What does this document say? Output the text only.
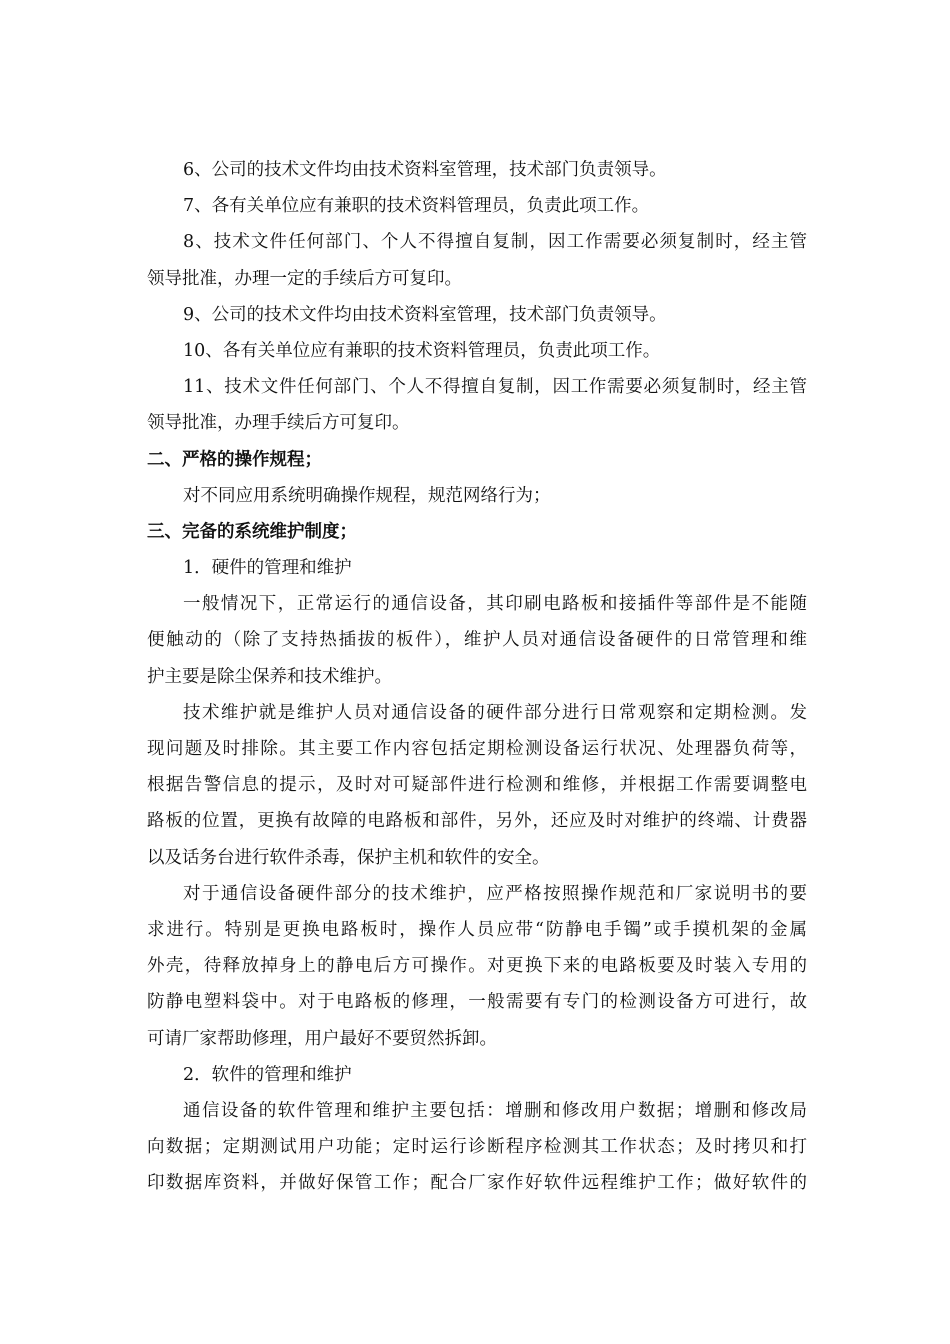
6、公司的技术文件均由技术资料室管理，技术部门负责领导。
7、各有关单位应有兼职的技术资料管理员，负责此项工作。
8、技术文件任何部门、个人不得擅自复制，因工作需要必须复制时，经主管
领导批准，办理一定的手续后方可复印。
9、公司的技术文件均由技术资料室管理，技术部门负责领导。
10、各有关单位应有兼职的技术资料管理员，负责此项工作。
11、技术文件任何部门、个人不得擅自复制，因工作需要必须复制时，经主管
领导批准，办理手续后方可复印。
二、严格的操作规程；
对不同应用系统明确操作规程，规范网络行为；
三、完备的系统维护制度；
1．硬件的管理和维护
一般情况下，正常运行的通信设备，其印刷电路板和接插件等部件是不能随
便触动的（除了支持热插拔的板件），维护人员对通信设备硬件的日常管理和维
护主要是除尘保养和技术维护。
技术维护就是维护人员对通信设备的硬件部分进行日常观察和定期检测。发
现问题及时排除。其主要工作内容包括定期检测设备运行状况、处理器负荷等，
根据告警信息的提示，及时对可疑部件进行检测和维修，并根据工作需要调整电
路板的位置，更换有故障的电路板和部件，另外，还应及时对维护的终端、计费器
以及话务台进行软件杀毒，保护主机和软件的安全。
对于通信设备硬件部分的技术维护，应严格按照操作规范和厂家说明书的要
求进行。特别是更换电路板时，操作人员应带“防静电手镯”或手摸机架的金属
外壳，待释放掉身上的静电后方可操作。对更换下来的电路板要及时装入专用的
防静电塑料袋中。对于电路板的修理，一般需要有专门的检测设备方可进行，故
可请厂家帮助修理，用户最好不要贸然拆卸。
2．软件的管理和维护
通信设备的软件管理和维护主要包括：增删和修改用户数据；增删和修改局
向数据；定期测试用户功能；定时运行诊断程序检测其工作状态；及时拷贝和打
印数据库资料，并做好保管工作；配合厂家作好软件远程维护工作；做好软件的
